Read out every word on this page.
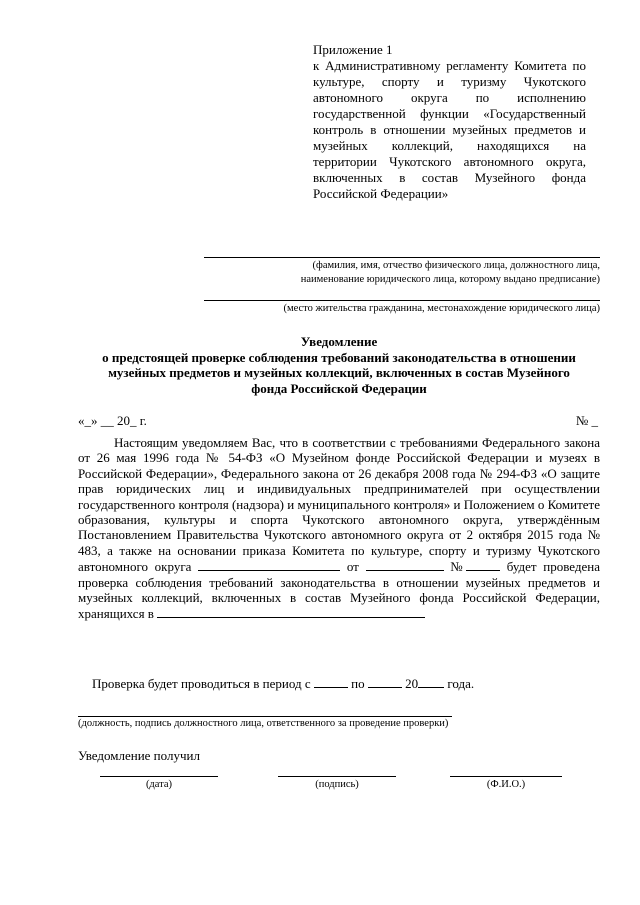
Приложение 1
к Административному регламенту Комитета по культуре, спорту и туризму Чукотского автономного округа по исполнению государственной функции «Государственный контроль в отношении музейных предметов и музейных коллекций, находящихся на территории Чукотского автономного округа, включенных в состав Музейного фонда Российской Федерации»
(фамилия, имя, отчество физического лица, должностного лица,
наименование юридического лица, которому выдано предписание)
(место жительства гражданина, местонахождение юридического лица)
Уведомление
о предстоящей проверке соблюдения требований законодательства в отношении
музейных предметов и музейных коллекций, включенных в состав Музейного
фонда Российской Федерации
«_» __ 20_ г.	№ _
Настоящим уведомляем Вас, что в соответствии с требованиями Федерального закона от 26 мая 1996 года № 54-ФЗ «О Музейном фонде Российской Федерации и музеях в Российской Федерации», Федерального закона от 26 декабря 2008 года № 294-ФЗ «О защите прав юридических лиц и индивидуальных предпринимателей при осуществлении государственного контроля (надзора) и муниципального контроля» и Положением о Комитете образования, культуры и спорта Чукотского автономного округа, утверждённым Постановлением Правительства Чукотского автономного округа от 2 октября 2015 года № 483, а также на основании приказа Комитета по культуре, спорту и туризму Чукотского автономного округа	от	№	будет проведена проверка соблюдения требований законодательства в отношении музейных предметов и музейных коллекций, включенных в состав Музейного фонда Российской Федерации, хранящихся в
Проверка будет проводиться в период с	по	20 года.
(должность, подпись должностного лица, ответственного за проведение проверки)
Уведомление получил
(дата)	(подпись)	(Ф.И.О.)
